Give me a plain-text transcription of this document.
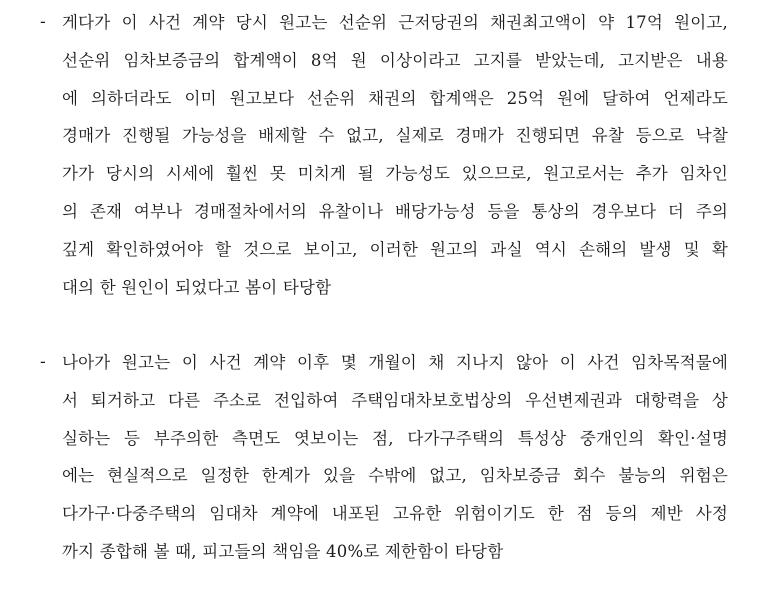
- 게다가 이 사건 계약 당시 원고는 선순위 근저당권의 채권최고액이 약 17억 원이고,
선순위 임차보증금의 합계액이 8억 원 이상이라고 고지를 받았는데, 고지받은 내용
에 의하더라도 이미 원고보다 선순위 채권의 합계액은 25억 원에 달하여 언제라도
경매가 진행될 가능성을 배제할 수 없고, 실제로 경매가 진행되면 유찰 등으로 낙찰
가가 당시의 시세에 훨씬 못 미치게 될 가능성도 있으므로, 원고로서는 추가 임차인
의 존재 여부나 경매절차에서의 유찰이나 배당가능성 등을 통상의 경우보다 더 주의
깊게 확인하였어야 할 것으로 보이고, 이러한 원고의 과실 역시 손해의 발생 및 확
대의 한 원인이 되었다고 봄이 타당함
- 나아가 원고는 이 사건 계약 이후 몇 개월이 채 지나지 않아 이 사건 임차목적물에
서 퇴거하고 다른 주소로 전입하여 주택임대차보호법상의 우선변제권과 대항력을 상
실하는 등 부주의한 측면도 엿보이는 점, 다가구주택의 특성상 중개인의 확인·설명
에는 현실적으로 일정한 한계가 있을 수밖에 없고, 임차보증금 회수 불능의 위험은
다가구·다중주택의 임대차 계약에 내포된 고유한 위험이기도 한 점 등의 제반 사정
까지 종합해 볼 때, 피고들의 책임을 40%로 제한함이 타당함
